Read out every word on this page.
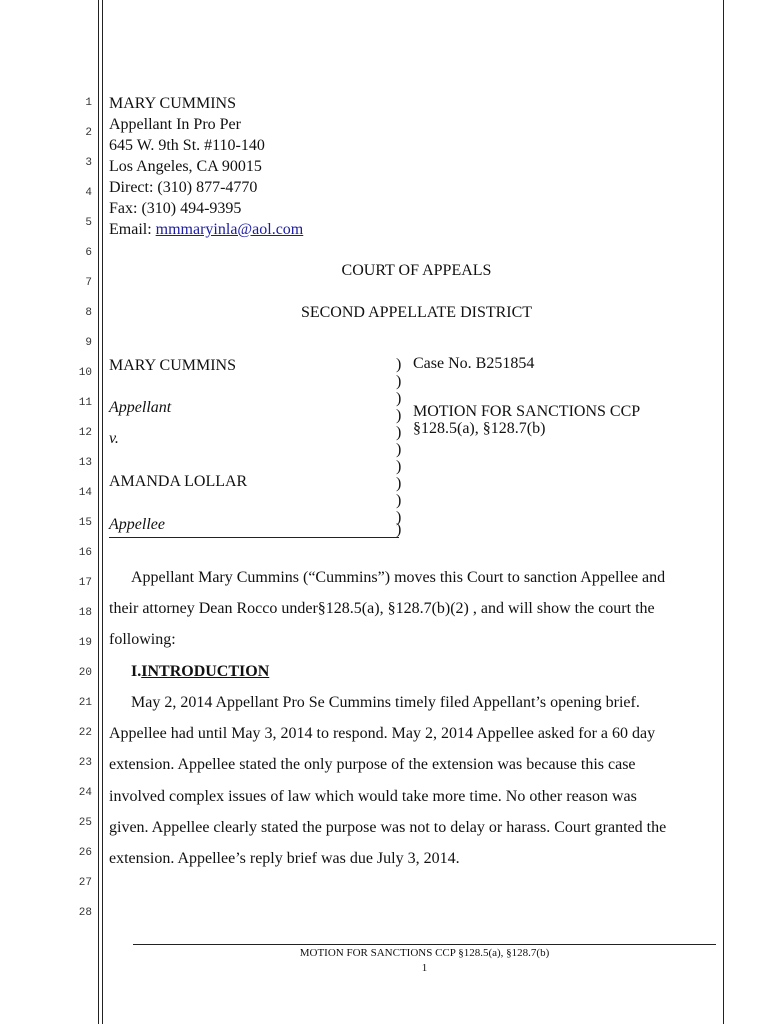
1
2
3
4
5
6
7
8
9
10
11
12
13
14
15
16
17
18
19
20
21
22
23
24
25
26
27
28
MARY CUMMINS
Appellant In Pro Per
645 W. 9th St. #110-140
Los Angeles, CA 90015
Direct: (310) 877-4770
Fax: (310) 494-9395
Email: mmmaryinla@aol.com
COURT OF APPEALS
SECOND APPELLATE DISTRICT
MARY CUMMINS
Appellant
v.
AMANDA LOLLAR
Appellee
)
)
)
)
)
)
)
)
)
)
)
Case No. B251854
MOTION FOR SANCTIONS CCP
§128.5(a), §128.7(b)
Appellant Mary Cummins (“Cummins”) moves this Court to sanction Appellee and
their attorney Dean Rocco under§128.5(a), §128.7(b)(2) , and will show the court the
following:
I.INTRODUCTION
May 2, 2014 Appellant Pro Se Cummins timely filed Appellant’s opening brief.
Appellee had until May 3, 2014 to respond. May 2, 2014 Appellee asked for a 60 day
extension. Appellee stated the only purpose of the extension was because this case
involved complex issues of law which would take more time. No other reason was
given. Appellee clearly stated the purpose was not to delay or harass. Court granted the
extension. Appellee’s reply brief was due July 3, 2014.
MOTION FOR SANCTIONS CCP §128.5(a), §128.7(b)
1
